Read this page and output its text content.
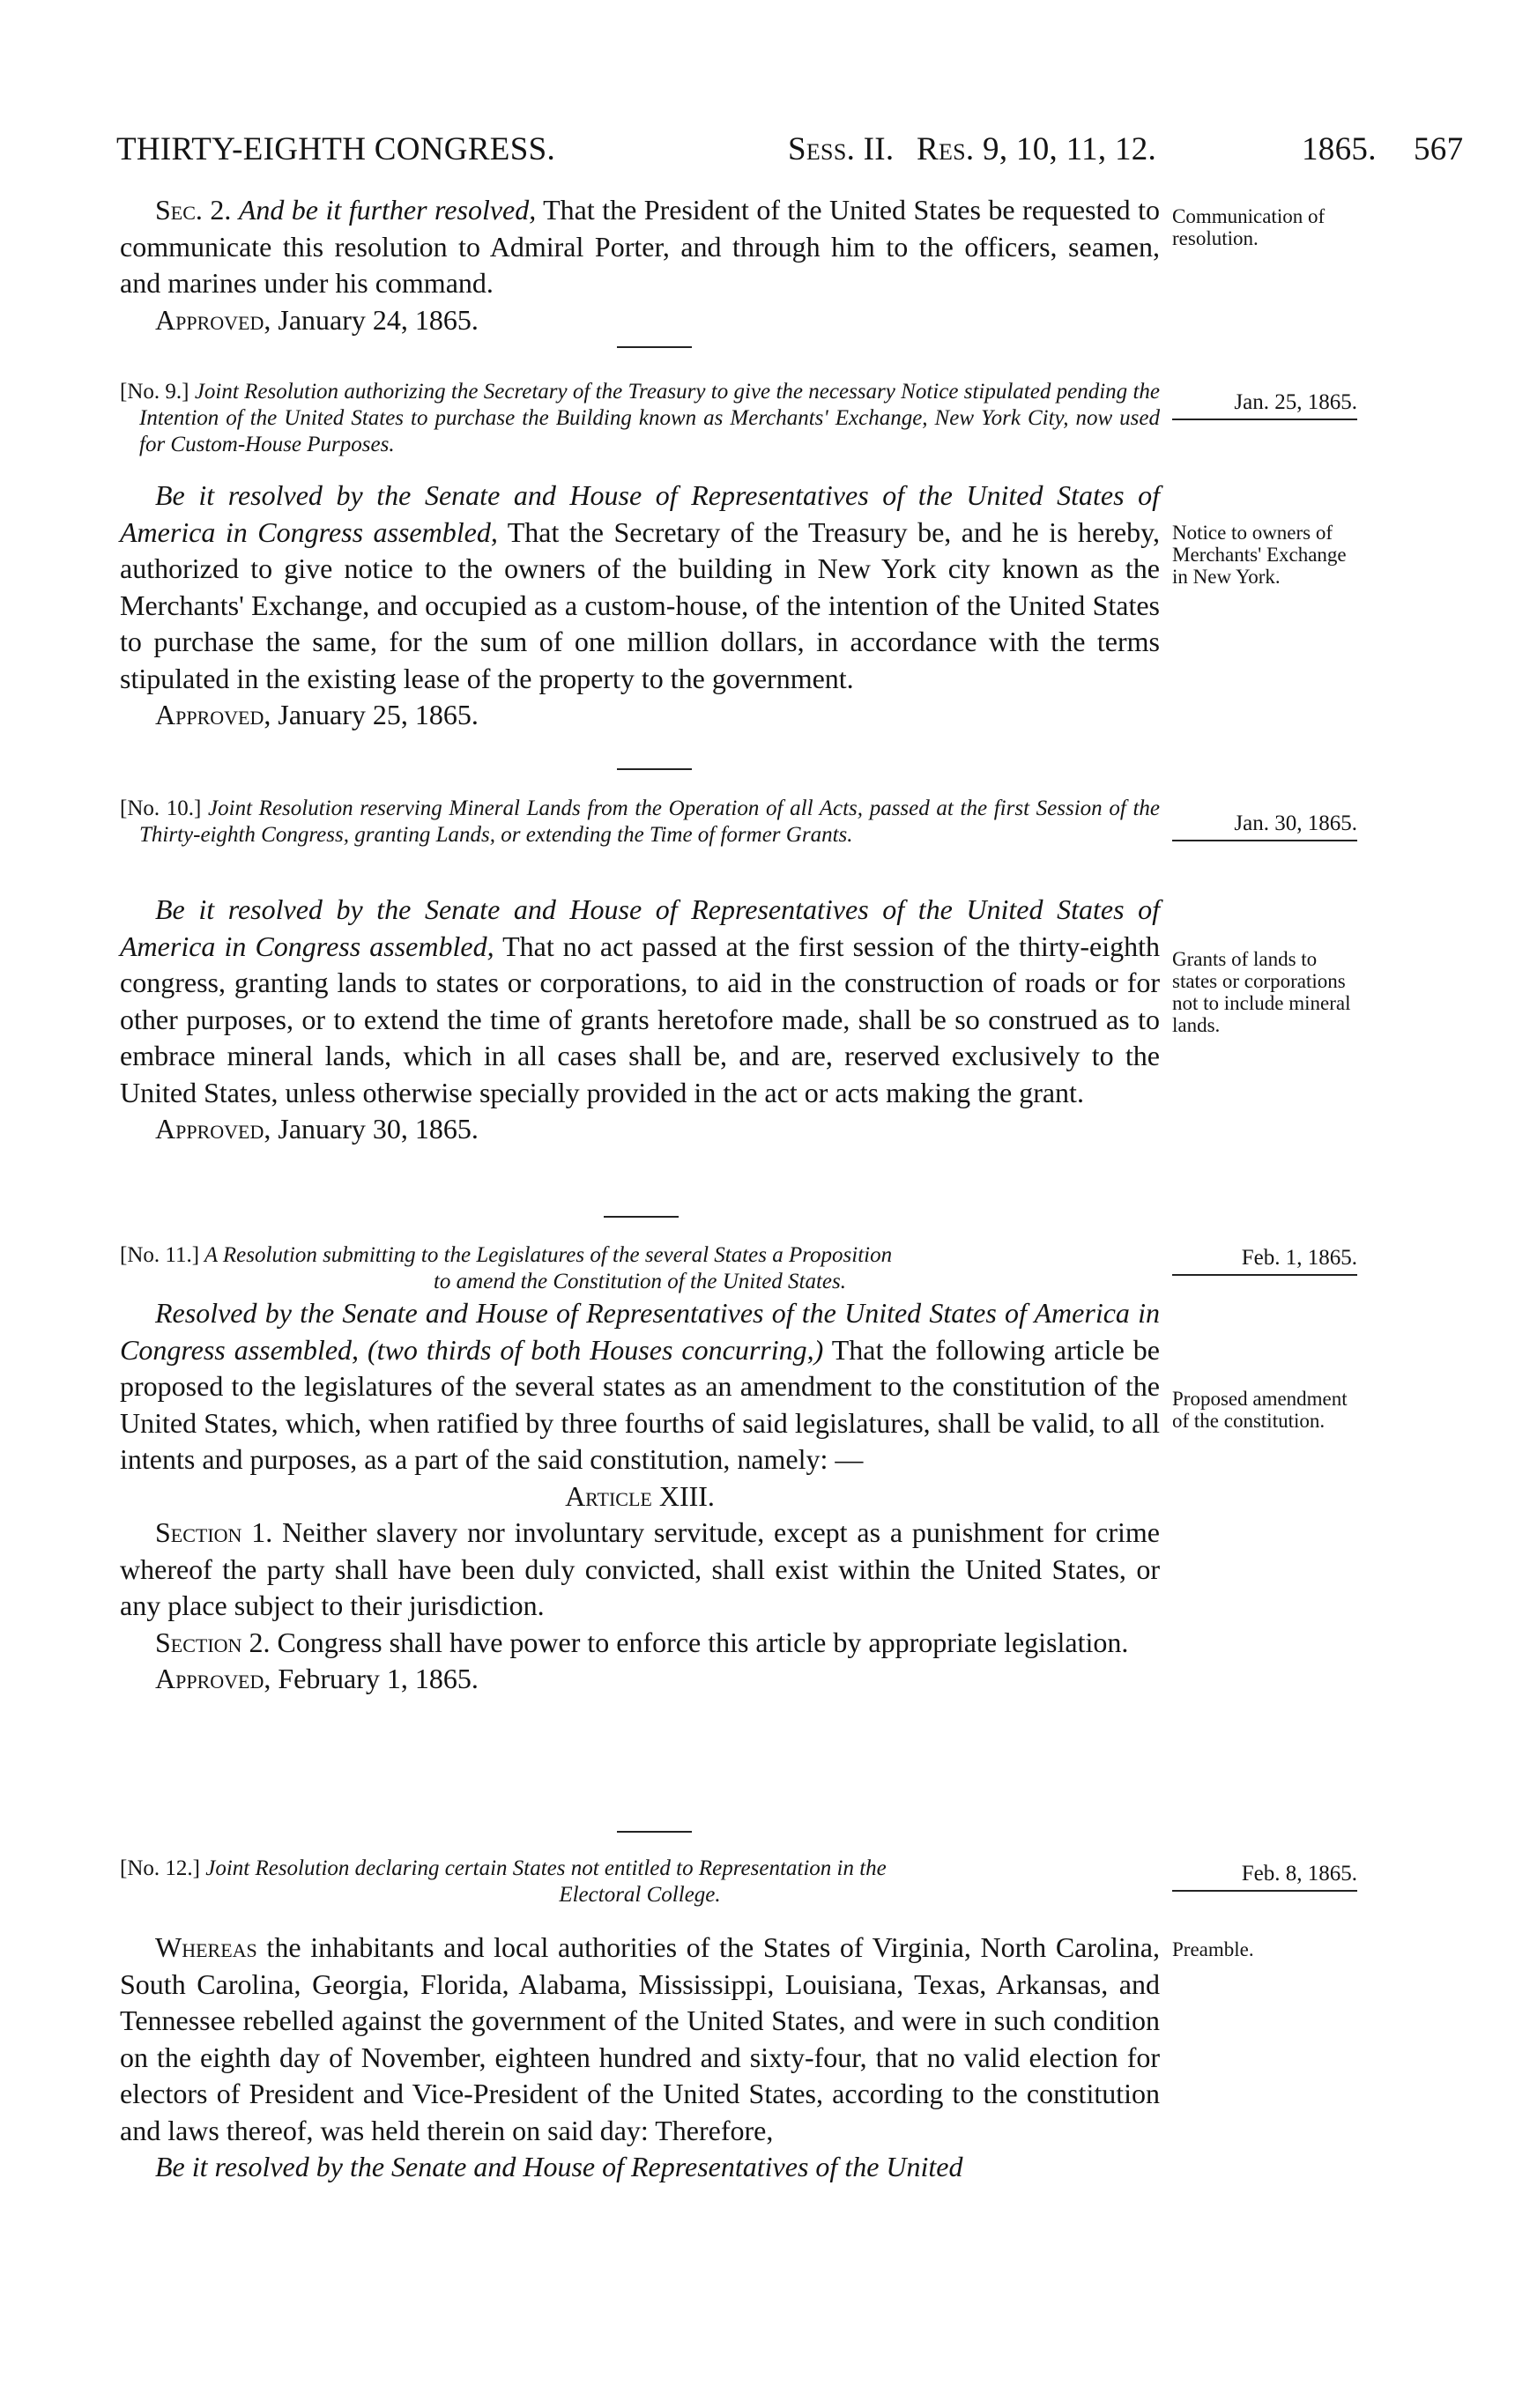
THIRTY-EIGHTH CONGRESS.	Sess. II. Res. 9, 10, 11, 12.	1865. 567

Sec. 2. And be it further resolved, That the President of the United States be requested to communicate this resolution to Admiral Porter, and through him to the officers, seamen, and marines under his command.

Approved, January 24, 1865.

Communication of resolution.

[No. 9.] Joint Resolution authorizing the Secretary of the Treasury to give the necessary Notice stipulated pending the Intention of the United States to purchase the Building known as Merchants' Exchange, New York City, now used for Custom-House Purposes.

Jan. 25, 1865.

Be it resolved by the Senate and House of Representatives of the United States of America in Congress assembled, That the Secretary of the Treasury be, and he is hereby, authorized to give notice to the owners of the building in New York city known as the Merchants' Exchange, and occupied as a custom-house, of the intention of the United States to purchase the same, for the sum of one million dollars, in accordance with the terms stipulated in the existing lease of the property to the government.

Approved, January 25, 1865.

Notice to owners of Merchants' Exchange in New York.

[No. 10.] Joint Resolution reserving Mineral Lands from the Operation of all Acts, passed at the first Session of the Thirty-eighth Congress, granting Lands, or extending the Time of former Grants.	Jan. 30, 1865.

Be it resolved by the Senate and House of Representatives of the United States of America in Congress assembled, That no act passed at the first session of the thirty-eighth congress, granting lands to states or corporations, to aid in the construction of roads or for other purposes, or to extend the time of grants heretofore made, shall be so construed as to embrace mineral lands, which in all cases shall be, and are, reserved exclusively to the United States, unless otherwise specially provided in the act or acts making the grant.

Approved, January 30, 1865.

Grants of lands to states or corporations not to include mineral lands.

[No. 11.] A Resolution submitting to the Legislatures of the several States a Proposition

to amend the Constitution of the United States.

Feb. 1, 1865.

Resolved by the Senate and House of Representatives of the United States of America in Congress assembled, (two thirds of both Houses concurring,) That the following article be proposed to the legislatures of the several states as an amendment to the constitution of the United States, which, when ratified by three fourths of said legislatures, shall be valid, to all intents and purposes, as a part of the said constitution, namely: —

Article XIII.

Section 1. Neither slavery nor involuntary servitude, except as a punishment for crime whereof the party shall have been duly convicted, shall exist within the United States, or any place subject to their jurisdiction.

Section 2. Congress shall have power to enforce this article by appropriate legislation.

Approved, February 1, 1865.

Proposed amendment of the constitution.

[No. 12.] Joint Resolution declaring certain States not entitled to Representation in the

Electoral College.

Feb. 8, 1865.

Whereas the inhabitants and local authorities of the States of Virginia, North Carolina, South Carolina, Georgia, Florida, Alabama, Mississippi, Louisiana, Texas, Arkansas, and Tennessee rebelled against the government of the United States, and were in such condition on the eighth day of November, eighteen hundred and sixty-four, that no valid election for electors of President and Vice-President of the United States, according to the constitution and laws thereof, was held therein on said day: Therefore,

Be it resolved by the Senate and House of Representatives of the United

Preamble.
